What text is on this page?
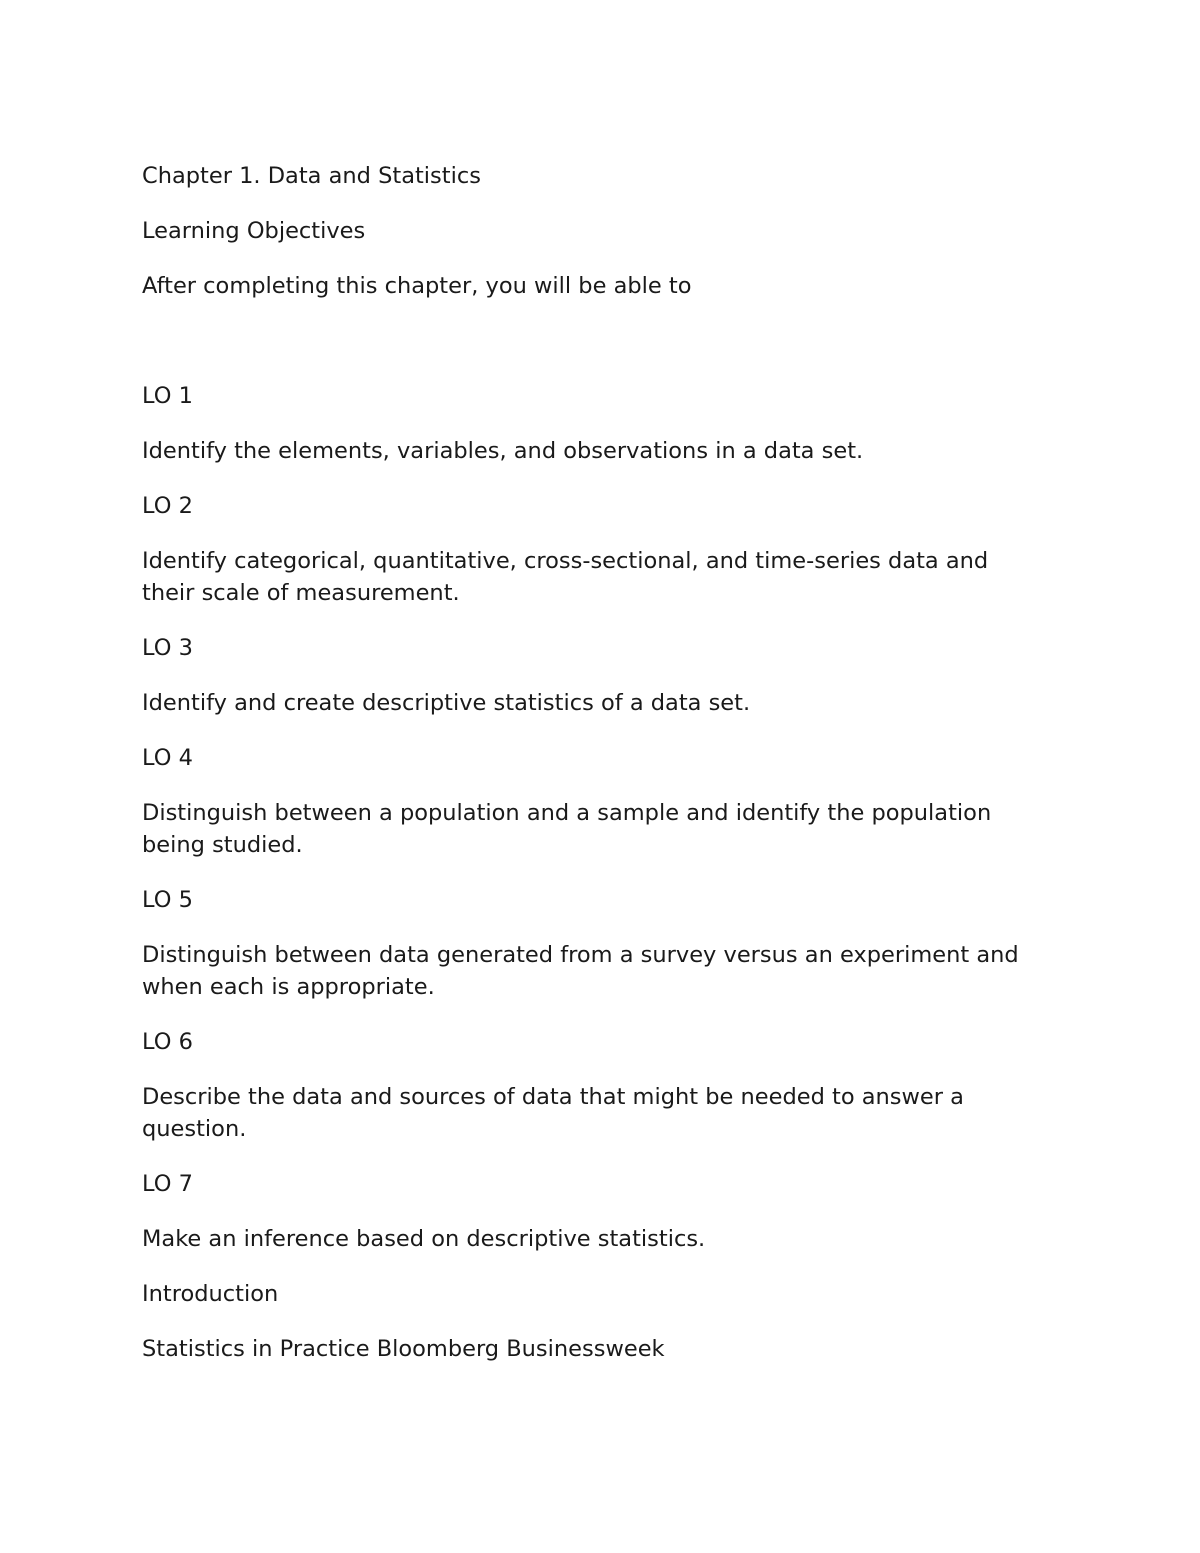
Chapter 1. Data and Statistics

Learning Objectives

After completing this chapter, you will be able to

LO 1

Identify the elements, variables, and observations in a data set.

LO 2

Identify categorical, quantitative, cross-sectional, and time-series data and their scale of measurement.

LO 3

Identify and create descriptive statistics of a data set.

LO 4

Distinguish between a population and a sample and identify the population being studied.

LO 5

Distinguish between data generated from a survey versus an experiment and when each is appropriate.

LO 6

Describe the data and sources of data that might be needed to answer a question.

LO 7

Make an inference based on descriptive statistics.

Introduction

Statistics in Practice Bloomberg Businessweek
